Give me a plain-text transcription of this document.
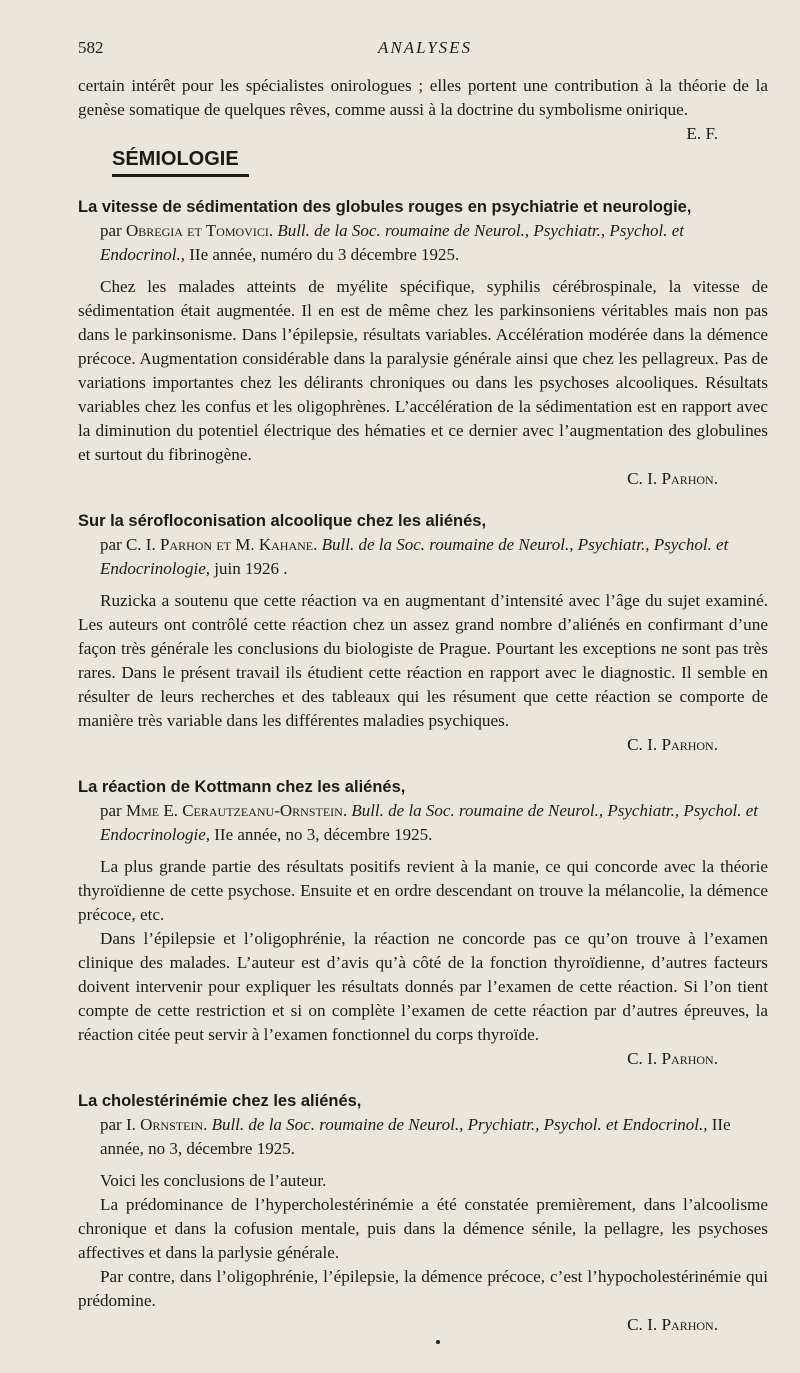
582	ANALYSES

certain intérêt pour les spécialistes onirologues ; elles portent une contribution à la théorie de la genèse somatique de quelques rêves, comme aussi à la doctrine du symbolisme onirique.
E. F.

SÉMIOLOGIE
La vitesse de sédimentation des globules rouges en psychiatrie et neurologie,
par Obregia et Tomovici. Bull. de la Soc. roumaine de Neurol., Psychiatr., Psychol. et Endocrinol., IIe année, numéro du 3 décembre 1925.

Chez les malades atteints de myélite spécifique, syphilis cérébrospinale, la vitesse de sédimentation était augmentée. Il en est de même chez les parkinsoniens véritables mais non pas dans le parkinsonisme. Dans l’épilepsie, résultats variables. Accélération modérée dans la démence précoce. Augmentation considérable dans la paralysie générale ainsi que chez les pellagreux. Pas de variations importantes chez les délirants chroniques ou dans les psychoses alcooliques. Résultats variables chez les confus et les oligophrènes. L’accélération de la sédimentation est en rapport avec la diminution du potentiel électrique des hématies et ce dernier avec l’augmentation des globulines et surtout du fibrinogène.

C. I. Parhon.

Sur la sérofloconisation alcoolique chez les aliénés,
par C. I. Parhon et M. Kahane. Bull. de la Soc. roumaine de Neurol., Psychiatr., Psychol. et Endocrinologie, juin 1926 .

Ruzicka a soutenu que cette réaction va en augmentant d’intensité avec l’âge du sujet examiné. Les auteurs ont contrôlé cette réaction chez un assez grand nombre d’aliénés en confirmant d’une façon très générale les conclusions du biologiste de Prague. Pourtant les exceptions ne sont pas très rares. Dans le présent travail ils étudient cette réaction en rapport avec le diagnostic. Il semble en résulter de leurs recherches et des tableaux qui les résument que cette réaction se comporte de manière très variable dans les différentes maladies psychiques.

C. I. Parhon.

La réaction de Kottmann chez les aliénés,
par Mme E. Cerautzeanu-Ornstein. Bull. de la Soc. roumaine de Neurol., Psychiatr., Psychol. et Endocrinologie, IIe année, no 3, décembre 1925.

La plus grande partie des résultats positifs revient à la manie, ce qui concorde avec la théorie thyroïdienne de cette psychose. Ensuite et en ordre descendant on trouve la mélancolie, la démence précoce, etc.

Dans l’épilepsie et l’oligophrénie, la réaction ne concorde pas ce qu’on trouve à l’examen clinique des malades. L’auteur est d’avis qu’à côté de la fonction thyroïdienne, d’autres facteurs doivent intervenir pour expliquer les résultats donnés par l’examen de cette réaction. Si l’on tient compte de cette restriction et si on complète l’examen de cette réaction par d’autres épreuves, la réaction citée peut servir à l’examen fonctionnel du corps thyroïde.

C. I. Parhon.

La cholestérinémie chez les aliénés,
par I. Ornstein. Bull. de la Soc. roumaine de Neurol., Prychiatr., Psychol. et Endocrinol., IIe année, no 3, décembre 1925.

Voici les conclusions de l’auteur.

La prédominance de l’hypercholestérinémie a été constatée premièrement, dans l’alcoolisme chronique et dans la cofusion mentale, puis dans la démence sénile, la pellagre, les psychoses affectives et dans la parlysie générale.

Par contre, dans l’oligophrénie, l’épilepsie, la démence précoce, c’est l’hypocholestérinémie qui prédomine.

C. I. Parhon.
